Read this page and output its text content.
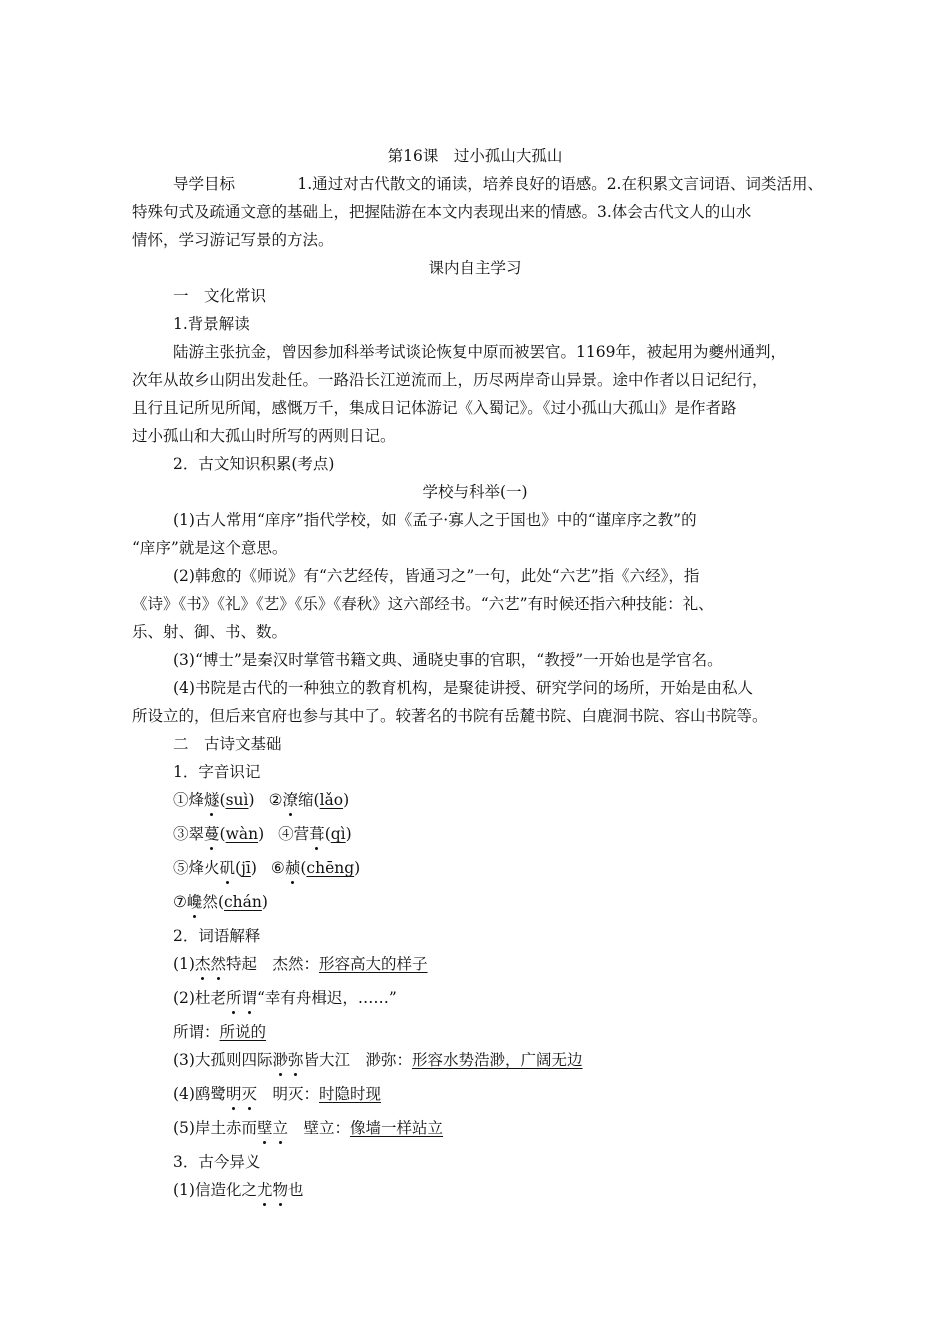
第16课　过小孤山大孤山
导学目标	1.通过对古代散文的诵读，培养良好的语感。2.在积累文言词语、词类活用、
特殊句式及疏通文意的基础上，把握陆游在本文内表现出来的情感。3.体会古代文人的山水
情怀，学习游记写景的方法。
课内自主学习
一　文化常识
1.背景解读
陆游主张抗金，曾因参加科举考试谈论恢复中原而被罢官。1169年，被起用为夔州通判，
次年从故乡山阴出发赴任。一路沿长江逆流而上，历尽两岸奇山异景。途中作者以日记纪行，
且行且记所见所闻，感慨万千，集成日记体游记《入蜀记》。《过小孤山大孤山》是作者路
过小孤山和大孤山时所写的两则日记。
2．古文知识积累(考点)
学校与科举(一)
(1)古人常用“庠序”指代学校，如《孟子·寡人之于国也》中的“谨庠序之教”的
“庠序”就是这个意思。
(2)韩愈的《师说》有“六艺经传，皆通习之”一句，此处“六艺”指《六经》，指
《诗》《书》《礼》《艺》《乐》《春秋》这六部经书。“六艺”有时候还指六种技能：礼、
乐、射、御、书、数。
(3)“博士”是秦汉时掌管书籍文典、通晓史事的官职，“教授”一开始也是学官名。
(4)书院是古代的一种独立的教育机构，是聚徒讲授、研究学问的场所，开始是由私人
所设立的，但后来官府也参与其中了。较著名的书院有岳麓书院、白鹿洞书院、容山书院等。
二　古诗文基础
1．字音识记
①烽燧(suì) ②潦缩(lǎo)
③翠蔓(wàn) ④营葺(qì)
⑤烽火矶(jī) ⑥赪(chēng)
⑦巉然(chán)
2．词语解释
(1)杰然特起　杰然：形容高大的样子
(2)杜老所谓“幸有舟楫迟，……”
所谓：所说的
(3)大孤则四际渺弥皆大江　渺弥：形容水势浩渺，广阔无边
(4)鸥鹭明灭　明灭：时隐时现
(5)岸土赤而壁立　壁立：像墙一样站立
3．古今异义
(1)信造化之尤物也
